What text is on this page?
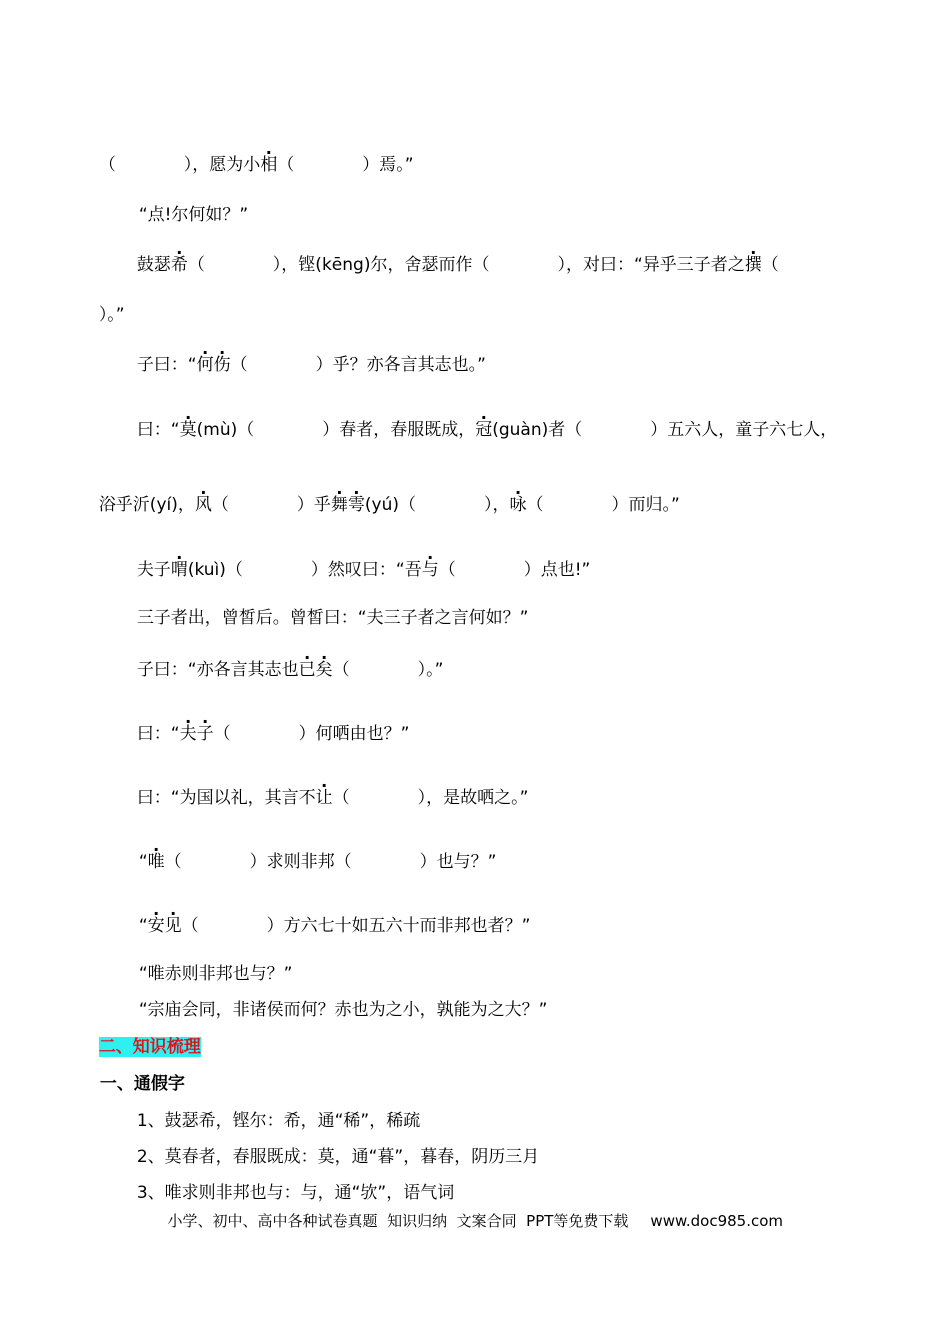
（　　　　），愿为小相（　　　　）焉。”

“点!尔何如？”

鼓瑟希（　　　　），铿(kēng)尔，舍瑟而作（　　　　），对曰：“异乎三子者之撰（

）。”

子曰：“何伤（　　　　）乎？亦各言其志也。”

曰：“莫(mù)（　　　　）春者，春服既成，冠(guàn)者（　　　　）五六人，童子六七人，

浴乎沂(yí)，风（　　　　）乎舞雩(yú)（　　　　），咏（　　　　）而归。”

夫子喟(kuì)（　　　　）然叹曰：“吾与（　　　　）点也!”

三子者出，曾皙后。曾皙曰：“夫三子者之言何如？”

子曰：“亦各言其志也已矣（　　　　）。”

曰：“夫子（　　　　）何哂由也？”

曰：“为国以礼，其言不让（　　　　），是故哂之。”

“唯（　　　　）求则非邦（　　　　）也与？”

“安见（　　　　）方六七十如五六十而非邦也者？”

“唯赤则非邦也与？”

“宗庙会同，非诸侯而何？赤也为之小，孰能为之大？”

二、知识梳理

一、通假字

1、鼓瑟希，铿尔：希，通“稀”，稀疏

2、莫春者，春服既成：莫，通“暮”，暮春，阴历三月

3、唯求则非邦也与：与，通“欤”，语气词

小学、初中、高中各种试卷真题  知识归纳  文案合同  PPT等免费下载 www.doc985.com
